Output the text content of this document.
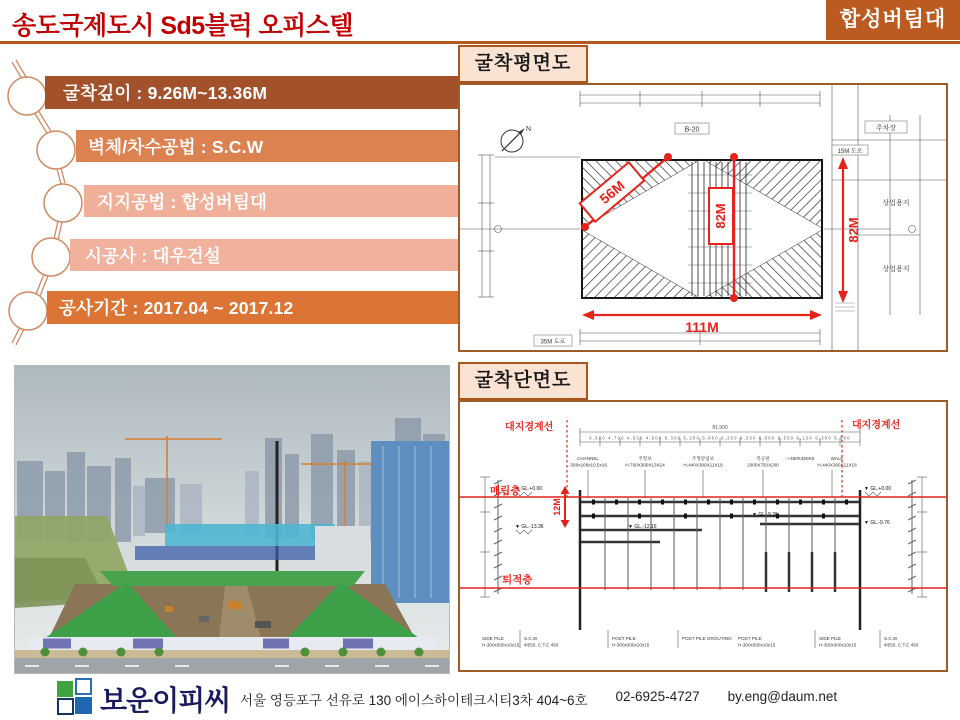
송도국제도시 Sd5블럭 오피스텔	합성버팀대
굴착깊이 : 9.26M~13.36M
벽체/차수공법 : S.C.W
지지공법 : 합성버팀대
시공사 : 대우건설
공사기간 : 2017.04 ~ 2017.12
굴착평면도
N
56M
82M
82M
111M
B-20	주차장
15M 도로
상업용지
상업용지
35M 도로
굴착단면도
81,900
6,600 4,700 4,500 4,500 6,300 5,200 5,600 6,200 6,300 6,500 6,500 6,100 6,300 6,500
CHANNEL
-380x100x10.5x16
주형보
H-700X300X13X24
주형받침보
H-440X300X11X18
복공판
2000X750X200
□-450X450X6	WALE
H-440X300X11X18
▼ GL.+0.00
▼ GL.-13.36	▼ GL.-12.16
▼ GL.-9.26
▼ GL.-9.76
▼ GL.+0.00
대지경계선	대지경계선
매립층
퇴적층
12M
SIDE PILE
H-300x300x10x15
S.C.W
Φ550, C.T.C 450
POST PILE
H-300x300x10x15
POST PILE GROUTING POST PILE
H-300x300x10x15
SIDE PILE
H-300x300x10x15
S.C.W
Φ550, C.T.C 450
보운이피씨 서울 영등포구 선유로 130 에이스하이테크시티3차 404~6호 02-6925-4727 by.eng@daum.net
